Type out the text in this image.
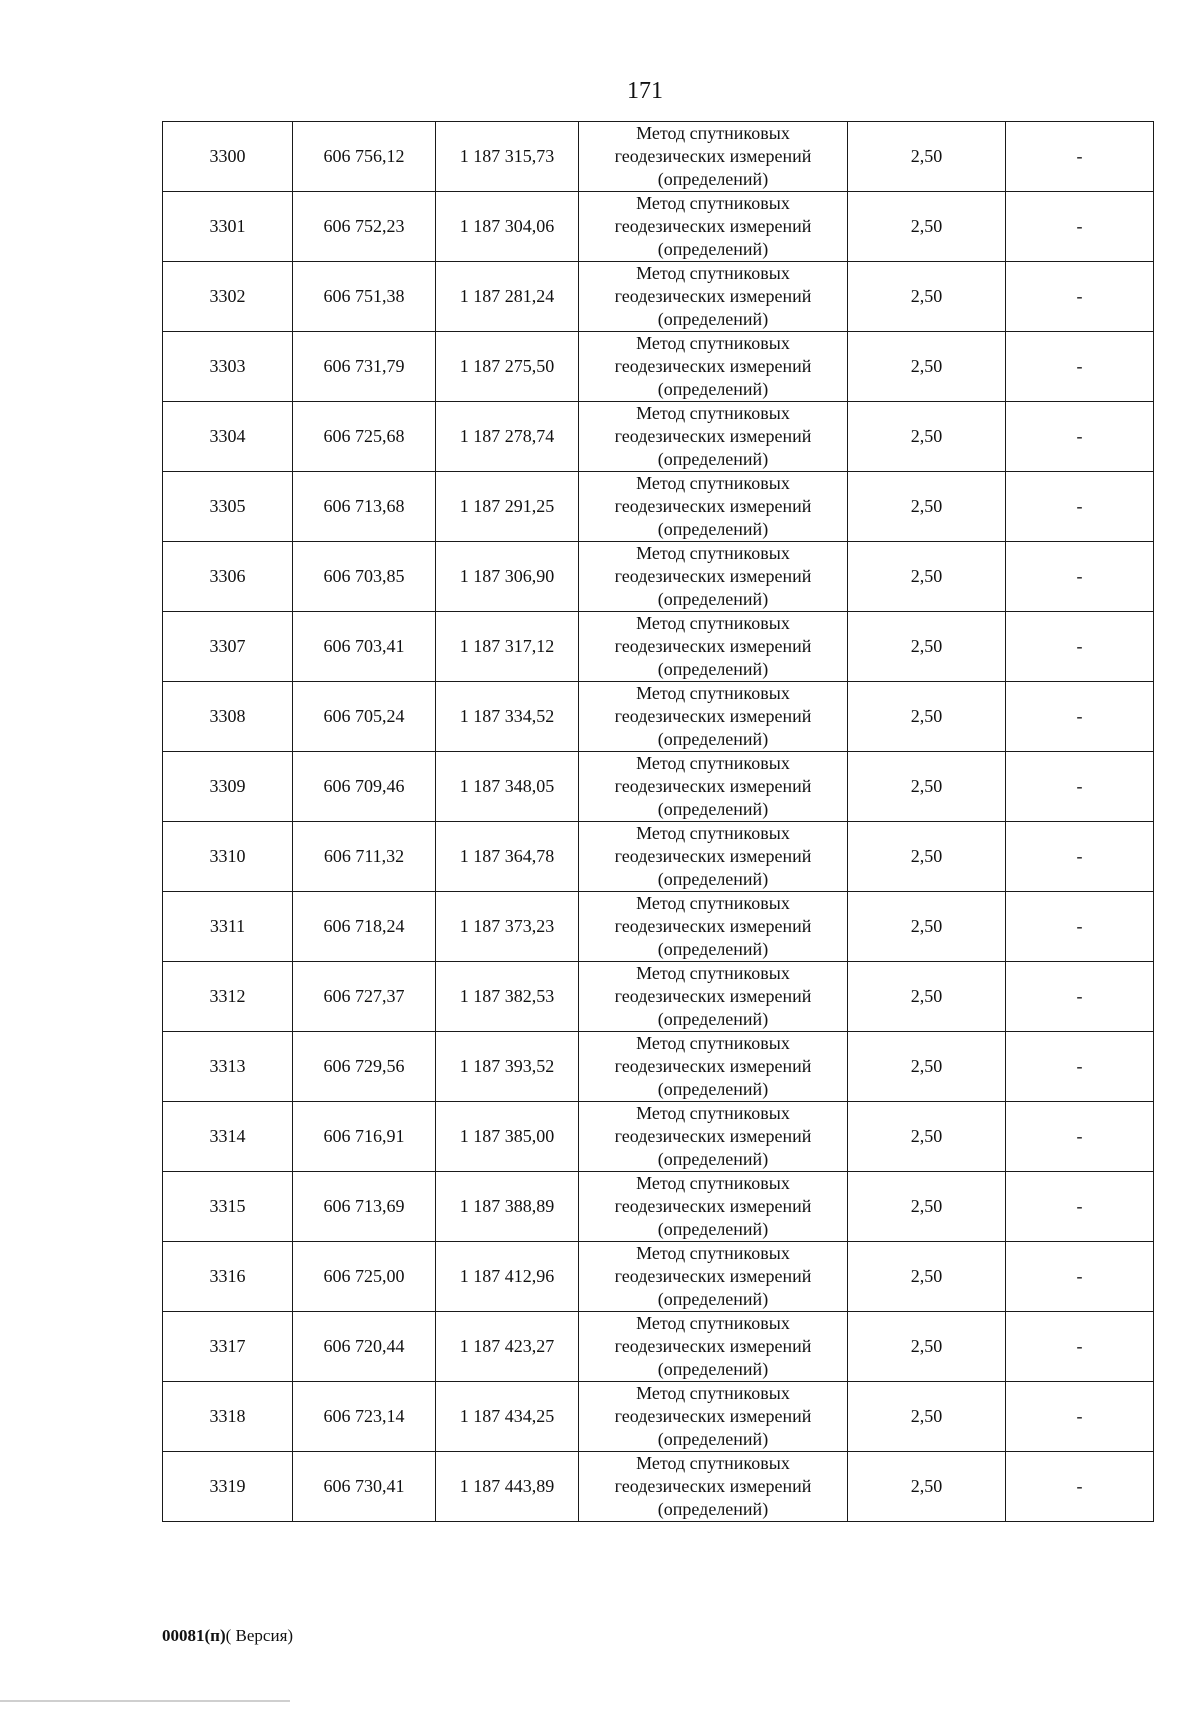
171
3300	606 756,12	1 187 315,73	Метод спутниковых
геодезических измерений
(определений)	2,50	-
3301	606 752,23	1 187 304,06	Метод спутниковых
геодезических измерений
(определений)	2,50	-
3302	606 751,38	1 187 281,24	Метод спутниковых
геодезических измерений
(определений)	2,50	-
3303	606 731,79	1 187 275,50	Метод спутниковых
геодезических измерений
(определений)	2,50	-
3304	606 725,68	1 187 278,74	Метод спутниковых
геодезических измерений
(определений)	2,50	-
3305	606 713,68	1 187 291,25	Метод спутниковых
геодезических измерений
(определений)	2,50	-
3306	606 703,85	1 187 306,90	Метод спутниковых
геодезических измерений
(определений)	2,50	-
3307	606 703,41	1 187 317,12	Метод спутниковых
геодезических измерений
(определений)	2,50	-
3308	606 705,24	1 187 334,52	Метод спутниковых
геодезических измерений
(определений)	2,50	-
3309	606 709,46	1 187 348,05	Метод спутниковых
геодезических измерений
(определений)	2,50	-
3310	606 711,32	1 187 364,78	Метод спутниковых
геодезических измерений
(определений)	2,50	-
3311	606 718,24	1 187 373,23	Метод спутниковых
геодезических измерений
(определений)	2,50	-
3312	606 727,37	1 187 382,53	Метод спутниковых
геодезических измерений
(определений)	2,50	-
3313	606 729,56	1 187 393,52	Метод спутниковых
геодезических измерений
(определений)	2,50	-
3314	606 716,91	1 187 385,00	Метод спутниковых
геодезических измерений
(определений)	2,50	-
3315	606 713,69	1 187 388,89	Метод спутниковых
геодезических измерений
(определений)	2,50	-
3316	606 725,00	1 187 412,96	Метод спутниковых
геодезических измерений
(определений)	2,50	-
3317	606 720,44	1 187 423,27	Метод спутниковых
геодезических измерений
(определений)	2,50	-
3318	606 723,14	1 187 434,25	Метод спутниковых
геодезических измерений
(определений)	2,50	-
3319	606 730,41	1 187 443,89	Метод спутниковых
геодезических измерений
(определений)	2,50	-
00081(п)( Версия)
